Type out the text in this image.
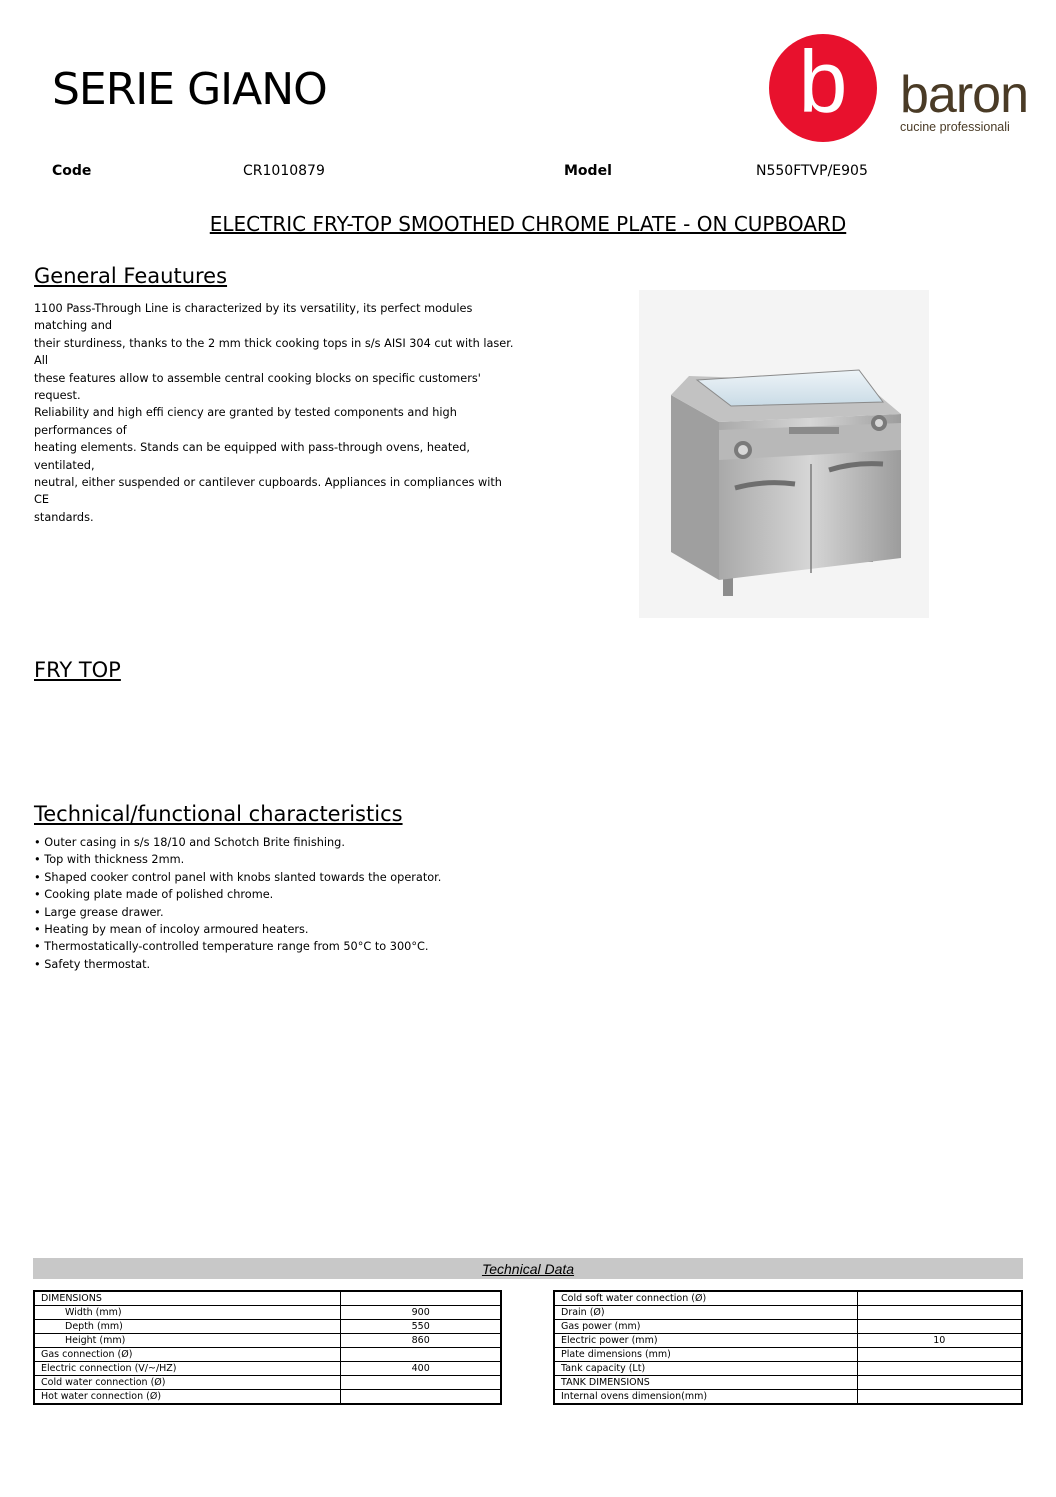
SERIE GIANO	b baron
cucine professionali
Code	CR1010879	Model	N550FTVP/E905
ELECTRIC FRY-TOP SMOOTHED CHROME PLATE - ON CUPBOARD
General Feautures
1100 Pass-Through Line is characterized by its versatility, its perfect modules matching and
their sturdiness, thanks to the 2 mm thick cooking tops in s/s AISI 304 cut with laser. All
these features allow to assemble central cooking blocks on specific customers' request.
Reliability and high effi ciency are granted by tested components and high performances of
heating elements. Stands can be equipped with pass-through ovens, heated, ventilated,
neutral, either suspended or cantilever cupboards. Appliances in compliances with CE
standards.
FRY TOP
Technical/functional characteristics
• Outer casing in s/s 18/10 and Schotch Brite finishing.
• Top with thickness 2mm.
• Shaped cooker control panel with knobs slanted towards the operator.
• Cooking plate made of polished chrome.
• Large grease drawer.
• Heating by mean of incoloy armoured heaters.
• Thermostatically-controlled temperature range from 50°C to 300°C.
• Safety thermostat.
Technical Data
DIMENSIONS	
Width (mm)	900
Depth (mm)	550
Height (mm)	860
Gas connection (Ø)	
Electric connection (V/~/HZ)	400
Cold water connection (Ø)	
Hot water connection (Ø)	
Cold soft water connection (Ø)	
Drain (Ø)	
Gas power (mm)	
Electric power (mm)	10
Plate dimensions (mm)	
Tank capacity (Lt)	
TANK DIMENSIONS	
Internal ovens dimension(mm)	
